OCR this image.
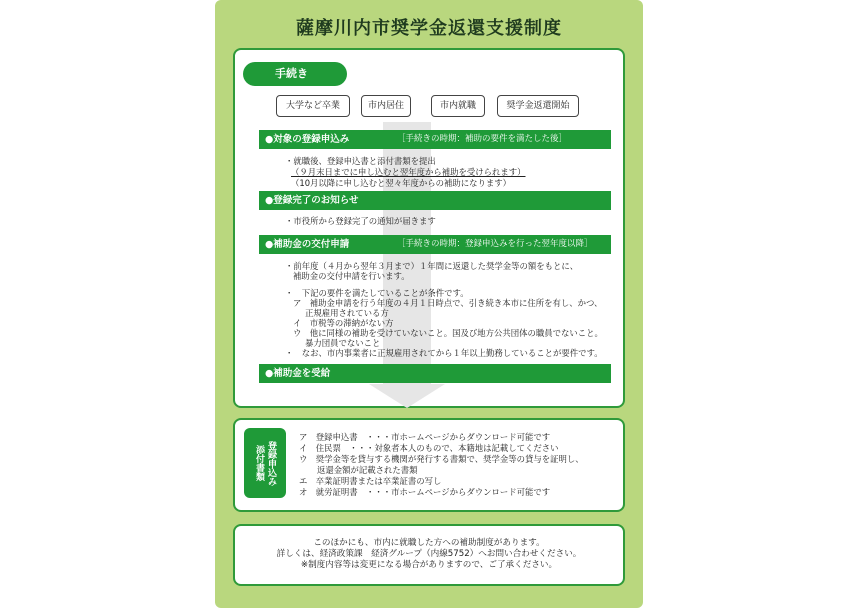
薩摩川内市奨学金返還支援制度
手続き
大学など卒業	市内居住	市内就職	奨学金返還開始
●対象の登録申込み	［手続きの時期：補助の要件を満たした後］
・就職後、登録申込書と添付書類を提出
（９月末日までに申し込むと翌年度から補助を受けられます）
（10月以降に申し込むと翌々年度からの補助になります）
●登録完了のお知らせ
・市役所から登録完了の通知が届きます
●補助金の交付申請	［手続きの時期：登録申込みを行った翌年度以降］
・前年度（４月から翌年３月まで）１年間に返還した奨学金等の額をもとに、
補助金の交付申請を行います。
・　下記の要件を満たしていることが条件です。
ア　補助金申請を行う年度の４月１日時点で、引き続き本市に住所を有し、かつ、
正規雇用されている方
イ　市税等の滞納がない方
ウ　他に同様の補助を受けていないこと。国及び地方公共団体の職員でないこと。
暴力団員でないこと
・　なお、市内事業者に正規雇用されてから１年以上勤務していることが要件です。
●補助金を受給
登録申込み
添付書類
ア　登録申込書　・・・市ホームページからダウンロード可能です
イ　住民票　・・・対象者本人のもので、本籍地は記載してください
ウ　奨学金等を貸与する機関が発行する書類で、奨学金等の貸与を証明し、
返還金額が記載された書類
エ　卒業証明書または卒業証書の写し
オ　就労証明書　・・・市ホームページからダウンロード可能です
このほかにも、市内に就職した方への補助制度があります。
詳しくは、経済政策課　経済グループ（内線5752）へお問い合わせください。
※制度内容等は変更になる場合がありますので、ご了承ください。
